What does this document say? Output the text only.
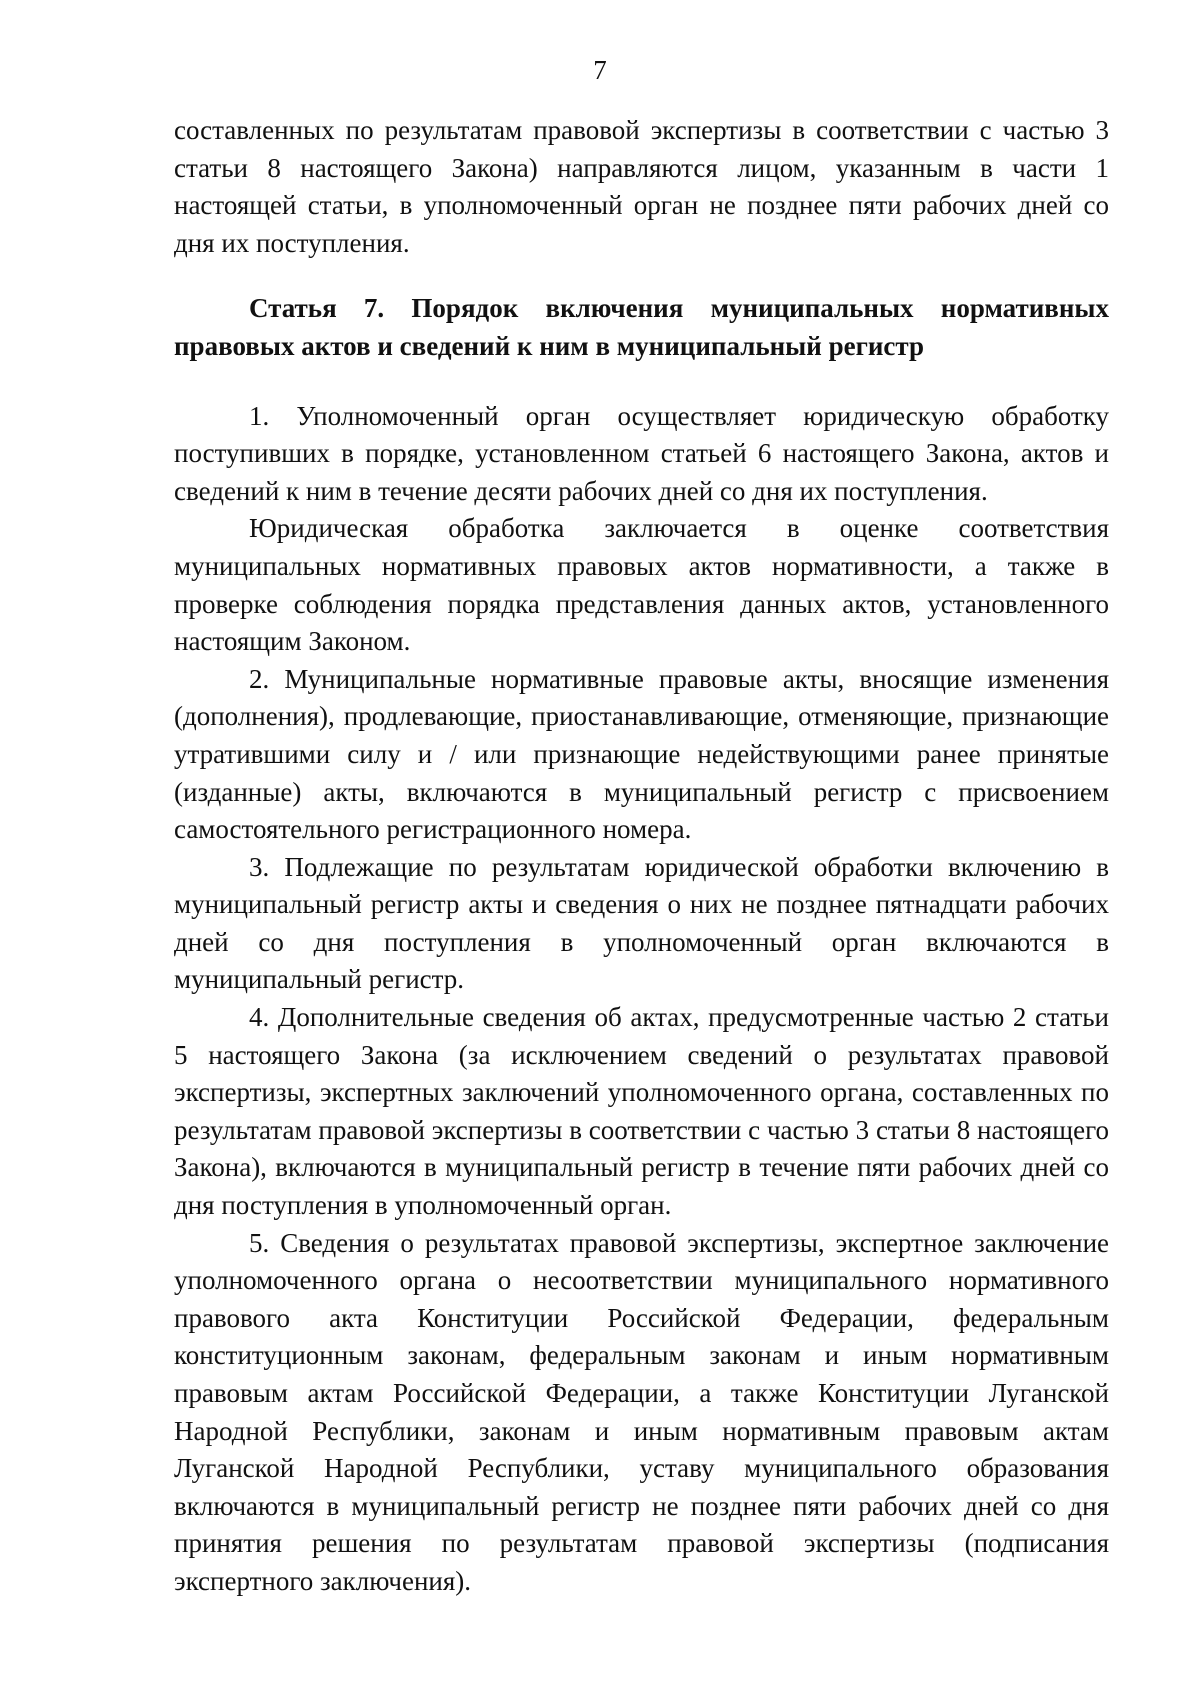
7

составленных по результатам правовой экспертизы в соответствии с частью 3 статьи 8 настоящего Закона) направляются лицом, указанным в части 1 настоящей статьи, в уполномоченный орган не позднее пяти рабочих дней со дня их поступления.

Статья 7. Порядок включения муниципальных нормативных правовых актов и сведений к ним в муниципальный регистр

1. Уполномоченный орган осуществляет юридическую обработку поступивших в порядке, установленном статьей 6 настоящего Закона, актов и сведений к ним в течение десяти рабочих дней со дня их поступления.

Юридическая обработка заключается в оценке соответствия муниципальных нормативных правовых актов нормативности, а также в проверке соблюдения порядка представления данных актов, установленного настоящим Законом.

2. Муниципальные нормативные правовые акты, вносящие изменения (дополнения), продлевающие, приостанавливающие, отменяющие, признающие утратившими силу и / или признающие недействующими ранее принятые (изданные) акты, включаются в муниципальный регистр с присвоением самостоятельного регистрационного номера.

3. Подлежащие по результатам юридической обработки включению в муниципальный регистр акты и сведения о них не позднее пятнадцати рабочих дней со дня поступления в уполномоченный орган включаются в муниципальный регистр.

4. Дополнительные сведения об актах, предусмотренные частью 2 статьи 5 настоящего Закона (за исключением сведений о результатах правовой экспертизы, экспертных заключений уполномоченного органа, составленных по результатам правовой экспертизы в соответствии с частью 3 статьи 8 настоящего Закона), включаются в муниципальный регистр в течение пяти рабочих дней со дня поступления в уполномоченный орган.

5. Сведения о результатах правовой экспертизы, экспертное заключение уполномоченного органа о несоответствии муниципального нормативного правового акта Конституции Российской Федерации, федеральным конституционным законам, федеральным законам и иным нормативным правовым актам Российской Федерации, а также Конституции Луганской Народной Республики, законам и иным нормативным правовым актам Луганской Народной Республики, уставу муниципального образования включаются в муниципальный регистр не позднее пяти рабочих дней со дня принятия решения по результатам правовой экспертизы (подписания экспертного заключения).
